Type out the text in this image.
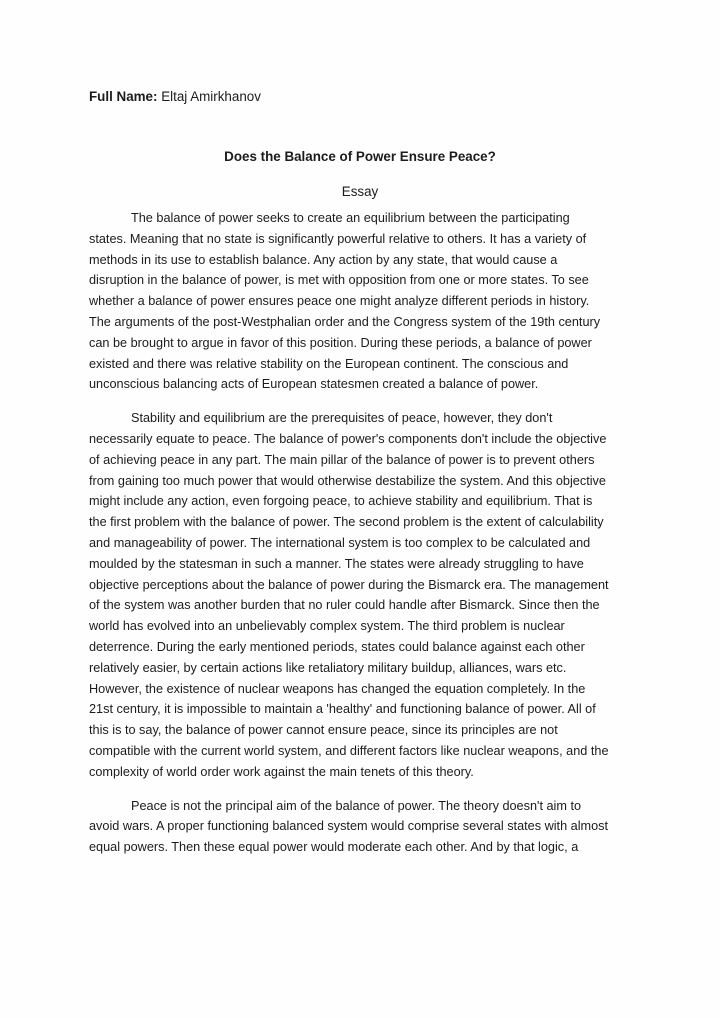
Full Name: Eltaj Amirkhanov
Does the Balance of Power Ensure Peace?
Essay
The balance of power seeks to create an equilibrium between the participating
states. Meaning that no state is significantly powerful relative to others. It has a variety of
methods in its use to establish balance. Any action by any state, that would cause a
disruption in the balance of power, is met with opposition from one or more states. To see
whether a balance of power ensures peace one might analyze different periods in history.
The arguments of the post-Westphalian order and the Congress system of the 19th century
can be brought to argue in favor of this position. During these periods, a balance of power
existed and there was relative stability on the European continent. The conscious and
unconscious balancing acts of European statesmen created a balance of power.
Stability and equilibrium are the prerequisites of peace, however, they don't
necessarily equate to peace. The balance of power's components don't include the objective
of achieving peace in any part. The main pillar of the balance of power is to prevent others
from gaining too much power that would otherwise destabilize the system. And this objective
might include any action, even forgoing peace, to achieve stability and equilibrium. That is
the first problem with the balance of power. The second problem is the extent of calculability
and manageability of power. The international system is too complex to be calculated and
moulded by the statesman in such a manner. The states were already struggling to have
objective perceptions about the balance of power during the Bismarck era. The management
of the system was another burden that no ruler could handle after Bismarck. Since then the
world has evolved into an unbelievably complex system. The third problem is nuclear
deterrence. During the early mentioned periods, states could balance against each other
relatively easier, by certain actions like retaliatory military buildup, alliances, wars etc.
However, the existence of nuclear weapons has changed the equation completely. In the
21st century, it is impossible to maintain a 'healthy' and functioning balance of power. All of
this is to say, the balance of power cannot ensure peace, since its principles are not
compatible with the current world system, and different factors like nuclear weapons, and the
complexity of world order work against the main tenets of this theory.
Peace is not the principal aim of the balance of power. The theory doesn't aim to
avoid wars. A proper functioning balanced system would comprise several states with almost
equal powers. Then these equal power would moderate each other. And by that logic, a
